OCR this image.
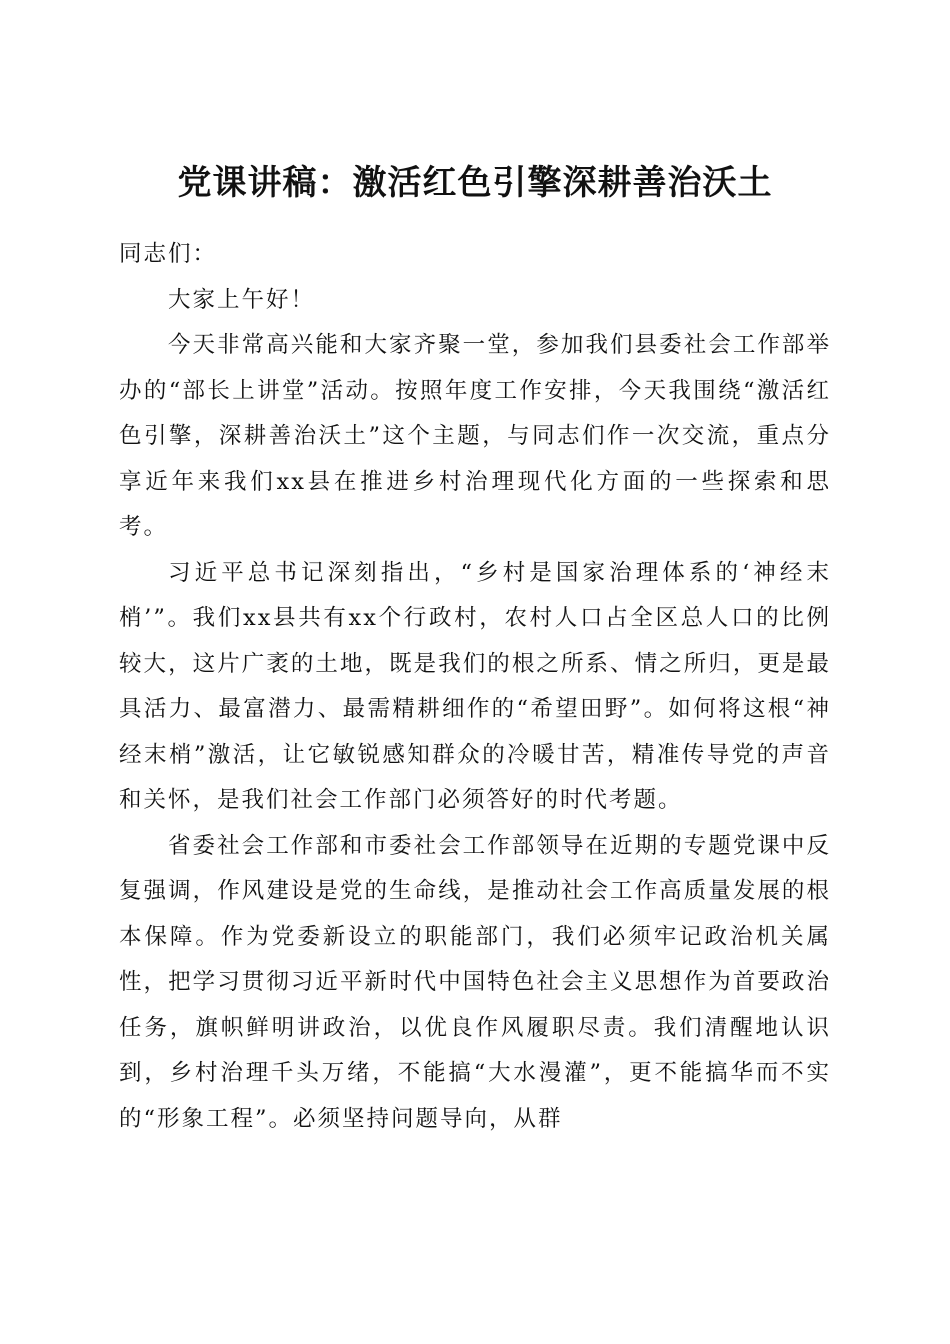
党课讲稿：激活红色引擎深耕善治沃土

同志们：

大家上午好！

今天非常高兴能和大家齐聚一堂，参加我们县委社会工作部举办的“部长上讲堂”活动。按照年度工作安排，今天我围绕“激活红色引擎，深耕善治沃土”这个主题，与同志们作一次交流，重点分享近年来我们xx县在推进乡村治理现代化方面的一些探索和思考。

习近平总书记深刻指出，“乡村是国家治理体系的‘神经末梢’”。我们xx县共有xx个行政村，农村人口占全区总人口的比例较大，这片广袤的土地，既是我们的根之所系、情之所归，更是最具活力、最富潜力、最需精耕细作的“希望田野”。如何将这根“神经末梢”激活，让它敏锐感知群众的冷暖甘苦，精准传导党的声音和关怀，是我们社会工作部门必须答好的时代考题。

省委社会工作部和市委社会工作部领导在近期的专题党课中反复强调，作风建设是党的生命线，是推动社会工作高质量发展的根本保障。作为党委新设立的职能部门，我们必须牢记政治机关属性，把学习贯彻习近平新时代中国特色社会主义思想作为首要政治任务，旗帜鲜明讲政治，以优良作风履职尽责。我们清醒地认识到，乡村治理千头万绪，不能搞“大水漫灌”，更不能搞华而不实的“形象工程”。必须坚持问题导向，从群
